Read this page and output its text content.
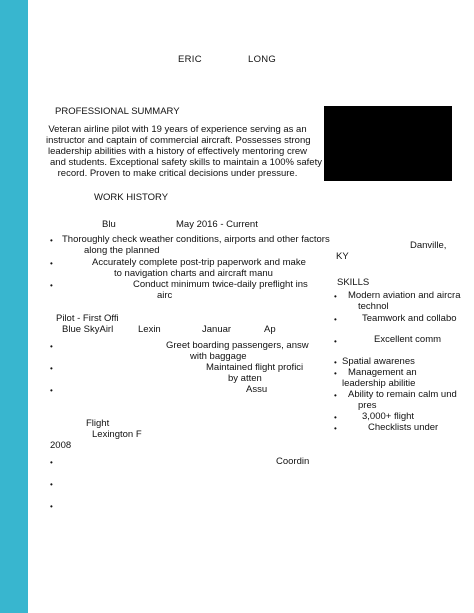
ERIC	LONG
PROFESSIONAL SUMMARY
Veteran airline pilot with 19 years of experience serving as an
instructor and captain of commercial aircraft. Possesses strong
leadership abilities with a history of effectively mentoring crew
and students. Exceptional safety skills to maintain a 100% safety
record. Proven to make critical decisions under pressure.
WORK HISTORY
Blu	May 2016 - Current
• Thoroughly check weather conditions, airports and other factors
along the planned
•	Accurately complete post-trip paperwork and make
to navigation charts and aircraft manu
•	Conduct minimum twice-daily preflight ins
airc
Pilot - First Offi
Blue SkyAirl	Lexin	Januar	Ap
•	Greet boarding passengers, answ
with baggage
•	Maintained flight profici
by atten
•	Assu
Flight
Lexington F
2008
•	Coordin
•
•
Danville,
KY
SKILLS
• Modern aviation and aircra
technol
•	Teamwork and collabo
•	Excellent comm
• Spatial awarenes
• Management an
leadership abilitie
• Ability to remain calm und
pres
•	3,000+ flight
•	Checklists under
